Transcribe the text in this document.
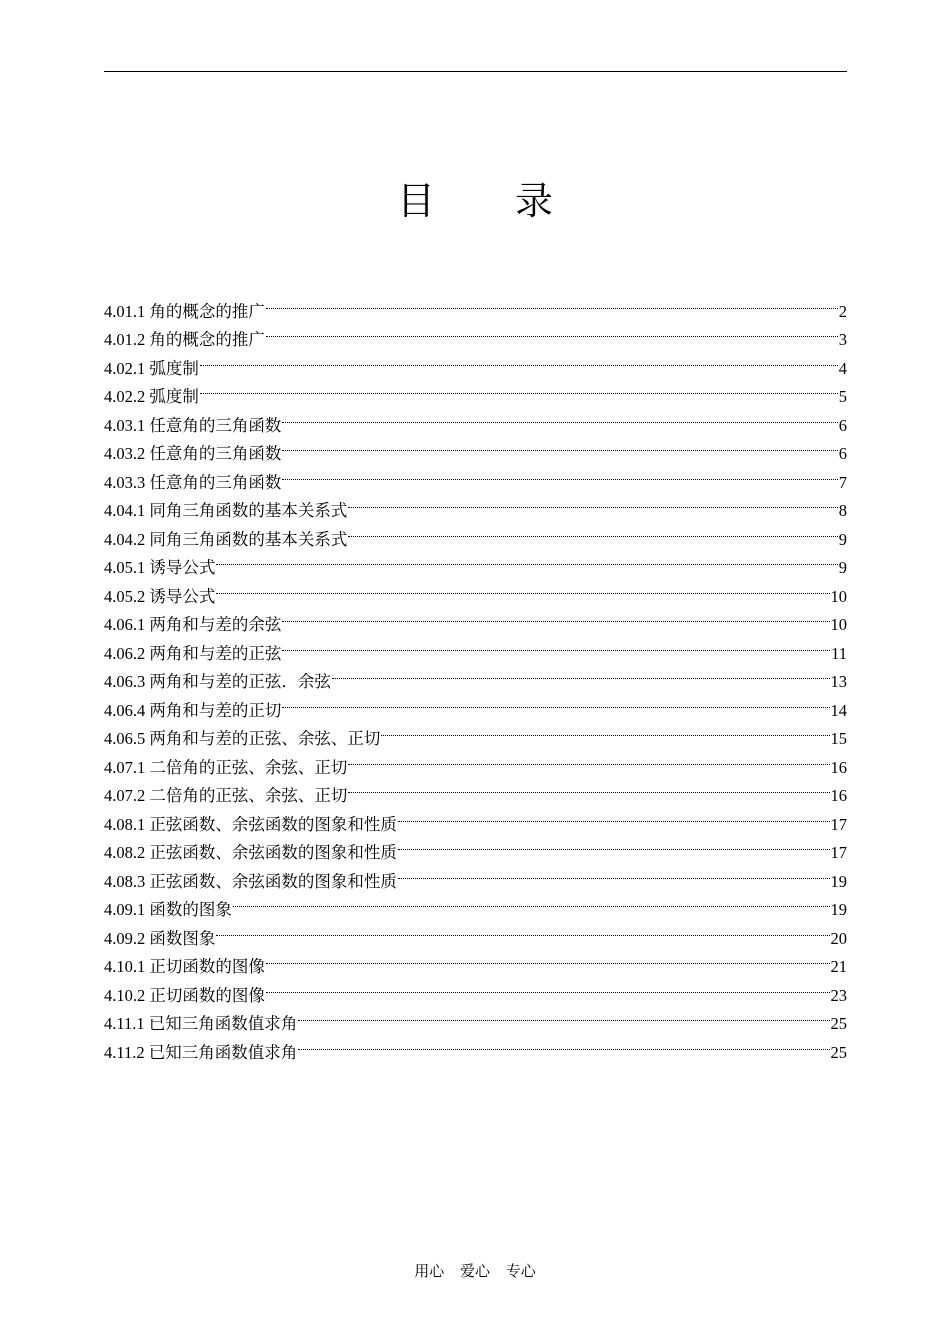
目 录
4.01.1 角的概念的推广	2
4.01.2 角的概念的推广	3
4.02.1 弧度制	4
4.02.2 弧度制	5
4.03.1 任意角的三角函数	6
4.03.2 任意角的三角函数	6
4.03.3 任意角的三角函数	7
4.04.1 同角三角函数的基本关系式	8
4.04.2 同角三角函数的基本关系式	9
4.05.1 诱导公式	9
4.05.2 诱导公式	10
4.06.1 两角和与差的余弦	10
4.06.2 两角和与差的正弦	11
4.06.3 两角和与差的正弦．余弦	13
4.06.4 两角和与差的正切	14
4.06.5 两角和与差的正弦、余弦、正切	15
4.07.1 二倍角的正弦、余弦、正切	16
4.07.2 二倍角的正弦、余弦、正切	16
4.08.1 正弦函数、余弦函数的图象和性质	17
4.08.2 正弦函数、余弦函数的图象和性质	17
4.08.3 正弦函数、余弦函数的图象和性质	19
4.09.1 函数的图象	19
4.09.2 函数图象	20
4.10.1 正切函数的图像	21
4.10.2 正切函数的图像	23
4.11.1 已知三角函数值求角	25
4.11.2 已知三角函数值求角	25
用心 爱心 专心
